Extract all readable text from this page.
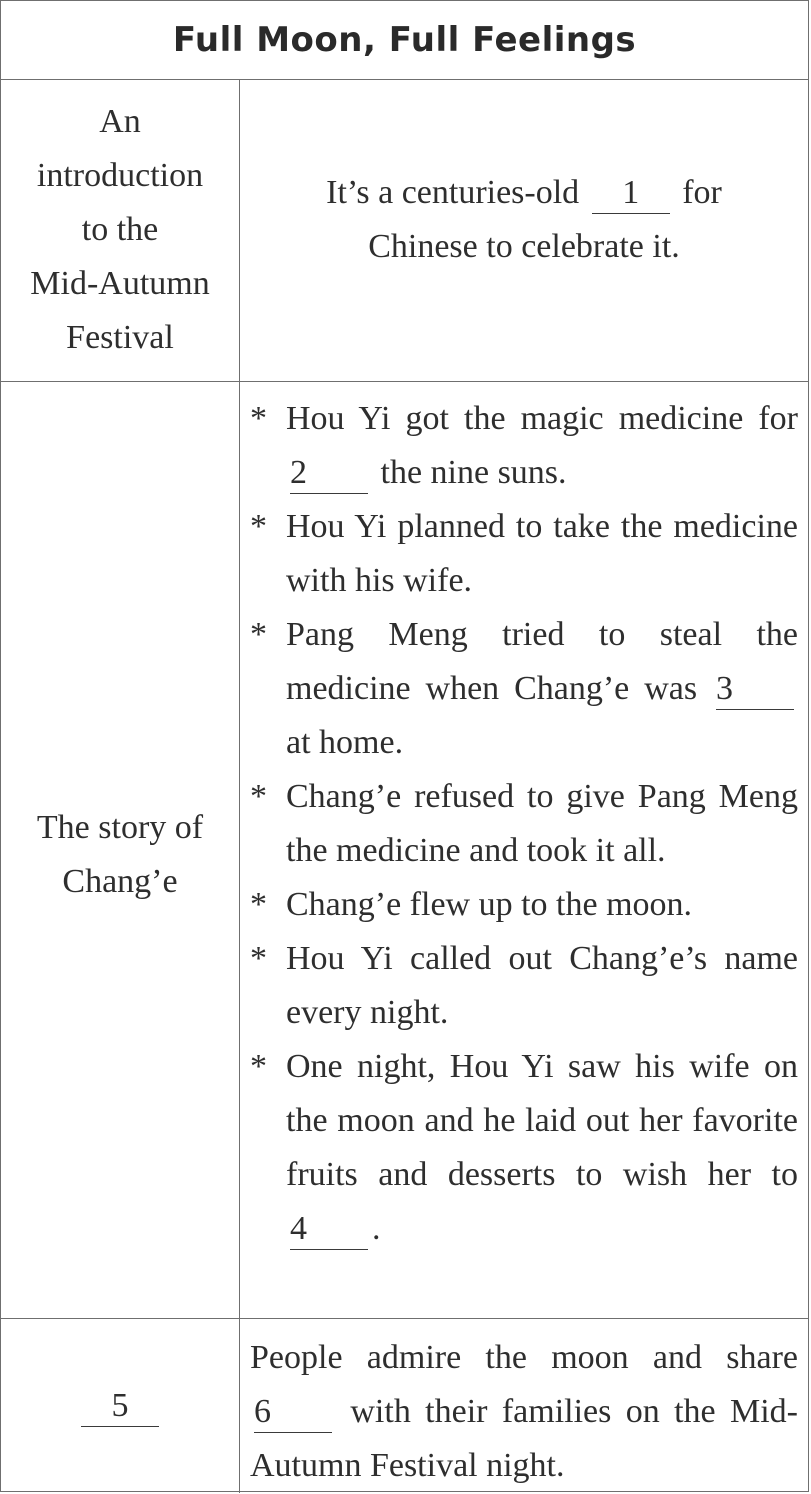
Full Moon, Full Feelings
An
introduction
to the
Mid-Autumn
Festival
It’s a centuries-old 1 for Chinese to celebrate it.
The story of Chang’e
* Hou Yi got the magic medicine for 2 the nine suns.
* Hou Yi planned to take the medicine with his wife.
* Pang Meng tried to steal the medicine when Chang’e was 3 at home.
* Chang’e refused to give Pang Meng the medicine and took it all.
* Chang’e flew up to the moon.
* Hou Yi called out Chang’e’s name every night.
* One night, Hou Yi saw his wife on the moon and he laid out her favorite fruits and desserts to wish her to 4 .
5
People admire the moon and share 6 with their families on the Mid-Autumn Festival night.
